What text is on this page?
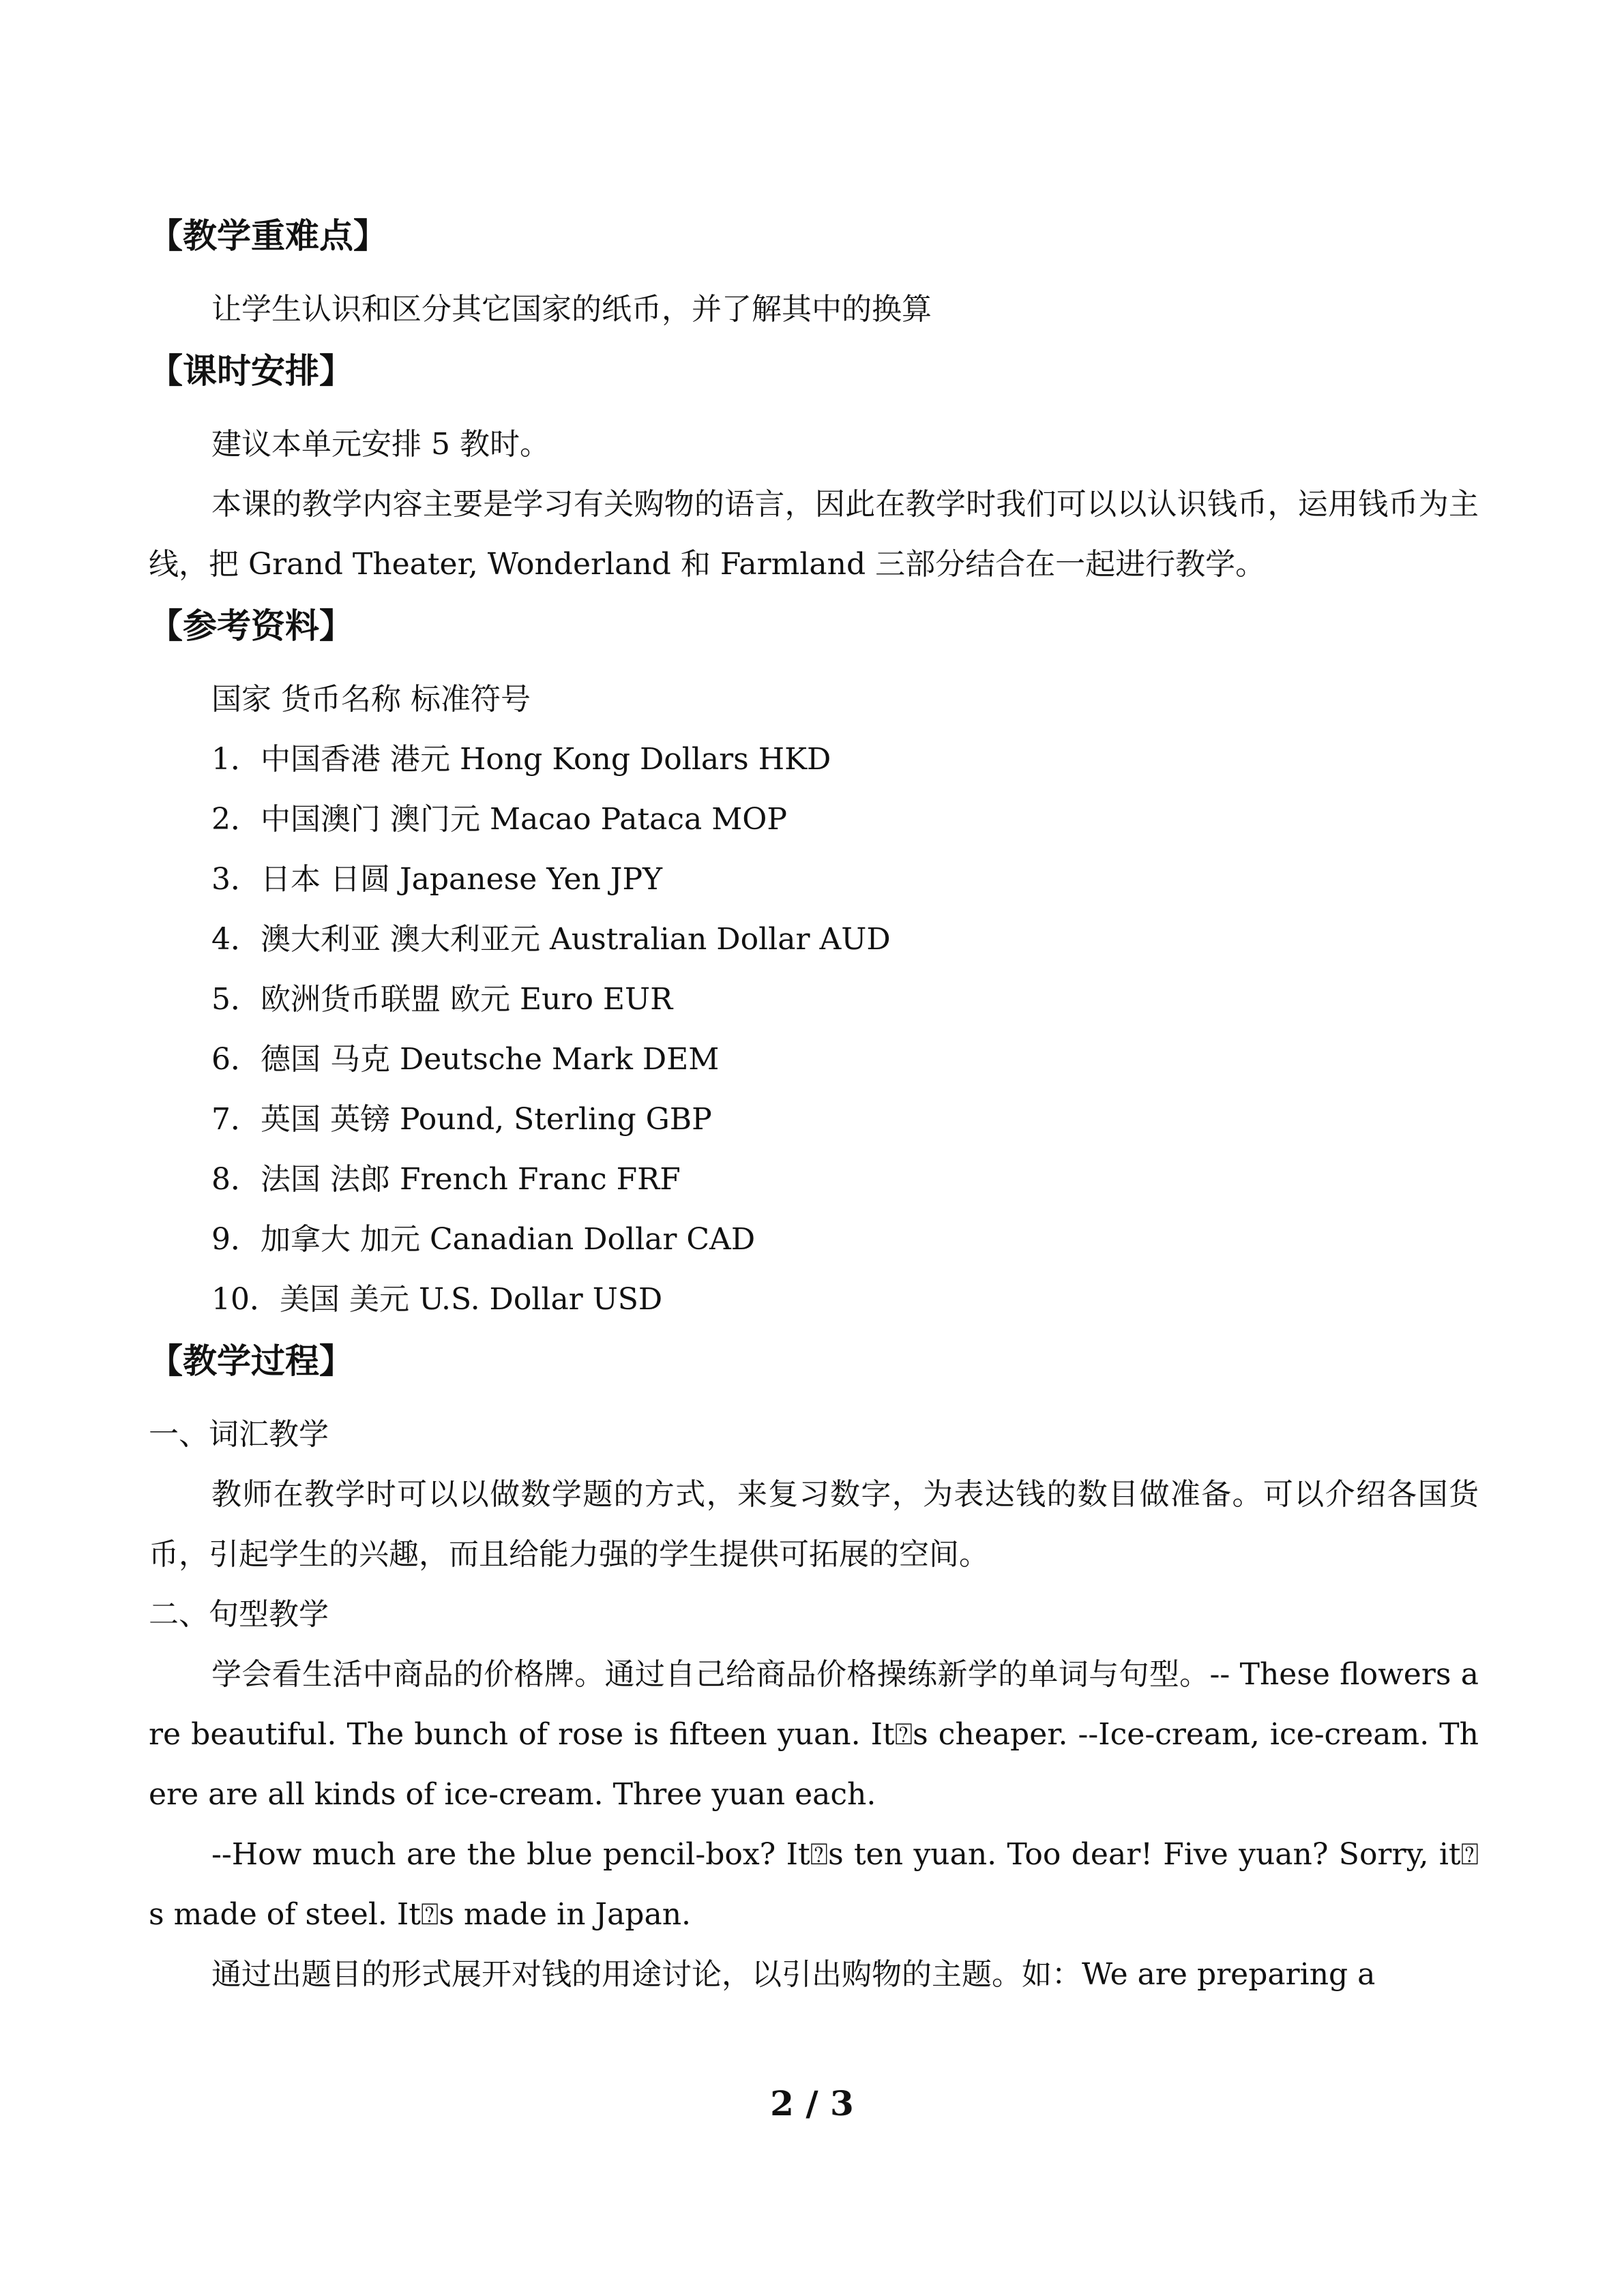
【教学重难点】
让学生认识和区分其它国家的纸币，并了解其中的换算
【课时安排】
建议本单元安排 5 教时。
本课的教学内容主要是学习有关购物的语言，因此在教学时我们可以以认识钱币，运用钱币为主线，把 Grand Theater, Wonderland 和 Farmland 三部分结合在一起进行教学。
【参考资料】
国家 货币名称 标准符号
1．中国香港 港元 Hong Kong Dollars HKD
2．中国澳门 澳门元 Macao Pataca MOP
3．日本 日圆 Japanese Yen JPY
4．澳大利亚 澳大利亚元 Australian Dollar AUD
5．欧洲货币联盟 欧元 Euro EUR
6．德国 马克 Deutsche Mark DEM
7．英国 英镑 Pound, Sterling GBP
8．法国 法郎 French Franc FRF
9．加拿大 加元 Canadian Dollar CAD
10．美国 美元 U.S. Dollar USD
【教学过程】
一、词汇教学
教师在教学时可以以做数学题的方式，来复习数字，为表达钱的数目做准备。可以介绍各国货币，引起学生的兴趣，而且给能力强的学生提供可拓展的空间。
二、句型教学
学会看生活中商品的价格牌。通过自己给商品价格操练新学的单词与句型。-- These flowers are beautiful. The bunch of rose is fifteen yuan. It⍰s cheaper. --Ice-cream, ice-cream. There are all kinds of ice-cream. Three yuan each.
--How much are the blue pencil-box? It⍰s ten yuan. Too dear! Five yuan? Sorry, it⍰s made of steel. It⍰s made in Japan.
通过出题目的形式展开对钱的用途讨论，以引出购物的主题。如：We are preparing a
2 / 3
